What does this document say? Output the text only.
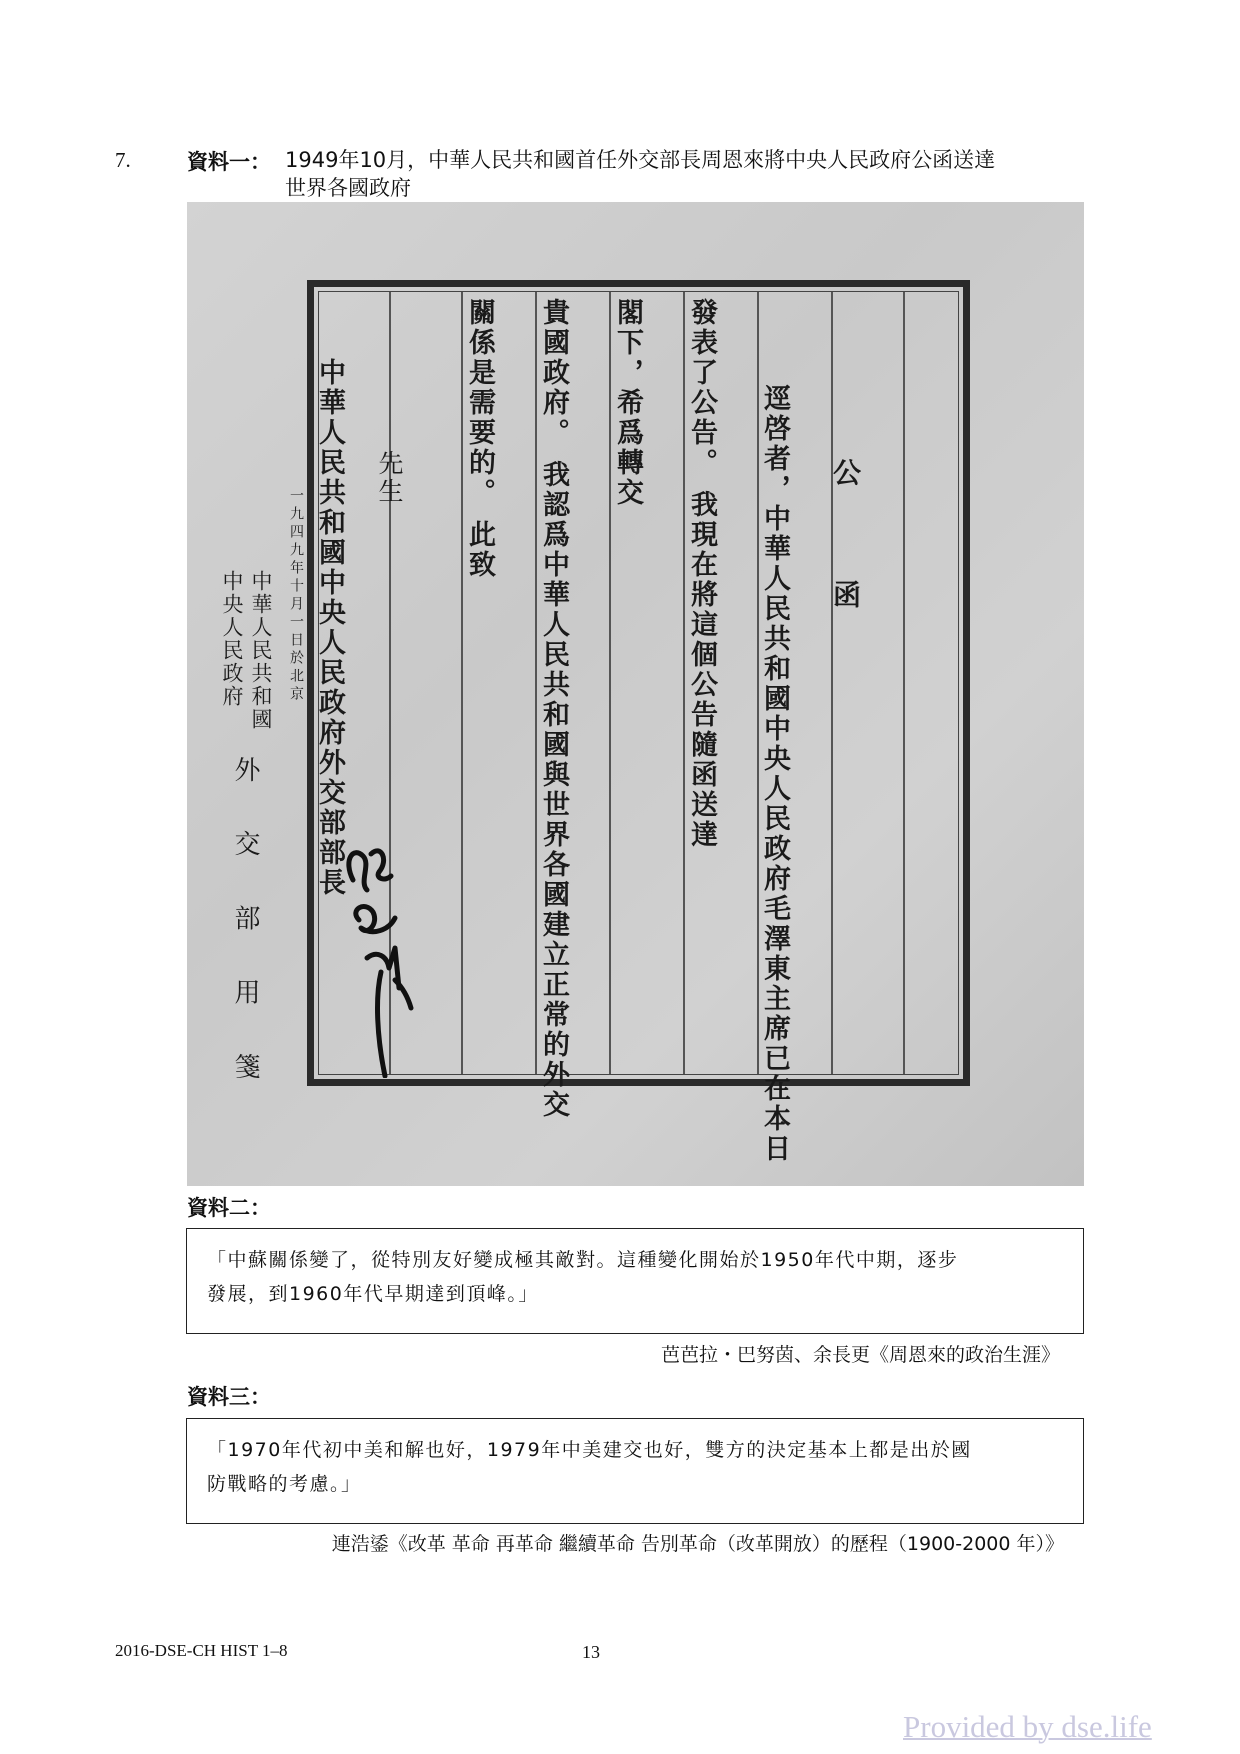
7.	資料一： 1949年10月，中華人民共和國首任外交部長周恩來將中央人民政府公函送達
世界各國政府
公 函
逕啓者，中華人民共和國中央人民政府毛澤東主席已在本日
發表了公告。 我現在將這個公告隨函送達
閣下，希爲轉交
貴國政府。 我認爲中華人民共和國與世界各國建立正常的外交
關係是需要的。 此致
先生
中華人民共和國中央人民政府外交部部長
一九四九年十月一日於北京
中華人民共和國
中央人民政府
外 交 部 用 箋
資料二：
「中蘇關係變了，從特別友好變成極其敵對。這種變化開始於1950年代中期，逐步
發展，到1960年代早期達到頂峰。」
芭芭拉・巴努茵、余長更《周恩來的政治生涯》
資料三：
「1970年代初中美和解也好，1979年中美建交也好，雙方的決定基本上都是出於國
防戰略的考慮。」
連浩鋈《改革 革命 再革命 繼續革命 告別革命（改革開放）的歷程（1900-2000 年）》
2016-DSE-CH HIST 1–8	13
Provided by dse.life
